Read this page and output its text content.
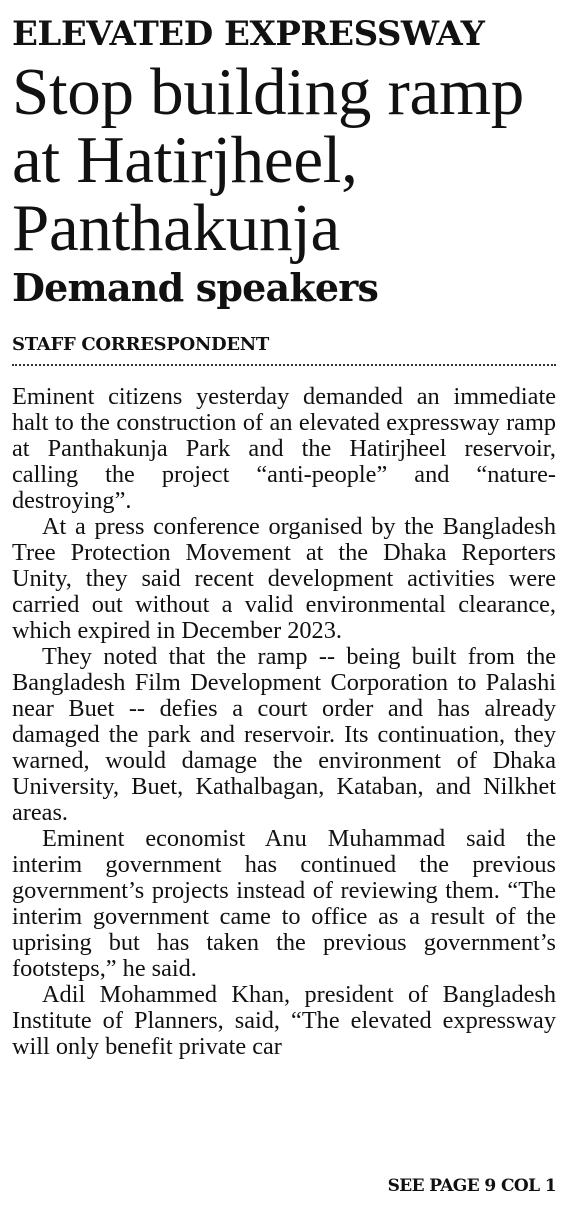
ELEVATED EXPRESSWAY
Stop building ramp at Hatirjheel, Panthakunja
Demand speakers
STAFF CORRESPONDENT

Eminent citizens yesterday demanded an immediate halt to the construction of an elevated expressway ramp at Panthakunja Park and the Hatirjheel reservoir, calling the project “anti-people” and “nature-destroying”.

At a press conference organised by the Bangladesh Tree Protection Movement at the Dhaka Reporters Unity, they said recent development activities were carried out without a valid environmental clearance, which expired in December 2023.

They noted that the ramp -- being built from the Bangladesh Film Development Corporation to Palashi near Buet -- defies a court order and has already damaged the park and reservoir. Its continuation, they warned, would damage the environment of Dhaka University, Buet, Kathalbagan, Kataban, and Nilkhet areas.

Eminent economist Anu Muhammad said the interim government has continued the previous government’s projects instead of reviewing them. “The interim government came to office as a result of the uprising but has taken the previous government’s footsteps,” he said.

Adil Mohammed Khan, president of Bangladesh Institute of Planners, said, “The elevated expressway will only benefit private car

SEE PAGE 9 COL 1
